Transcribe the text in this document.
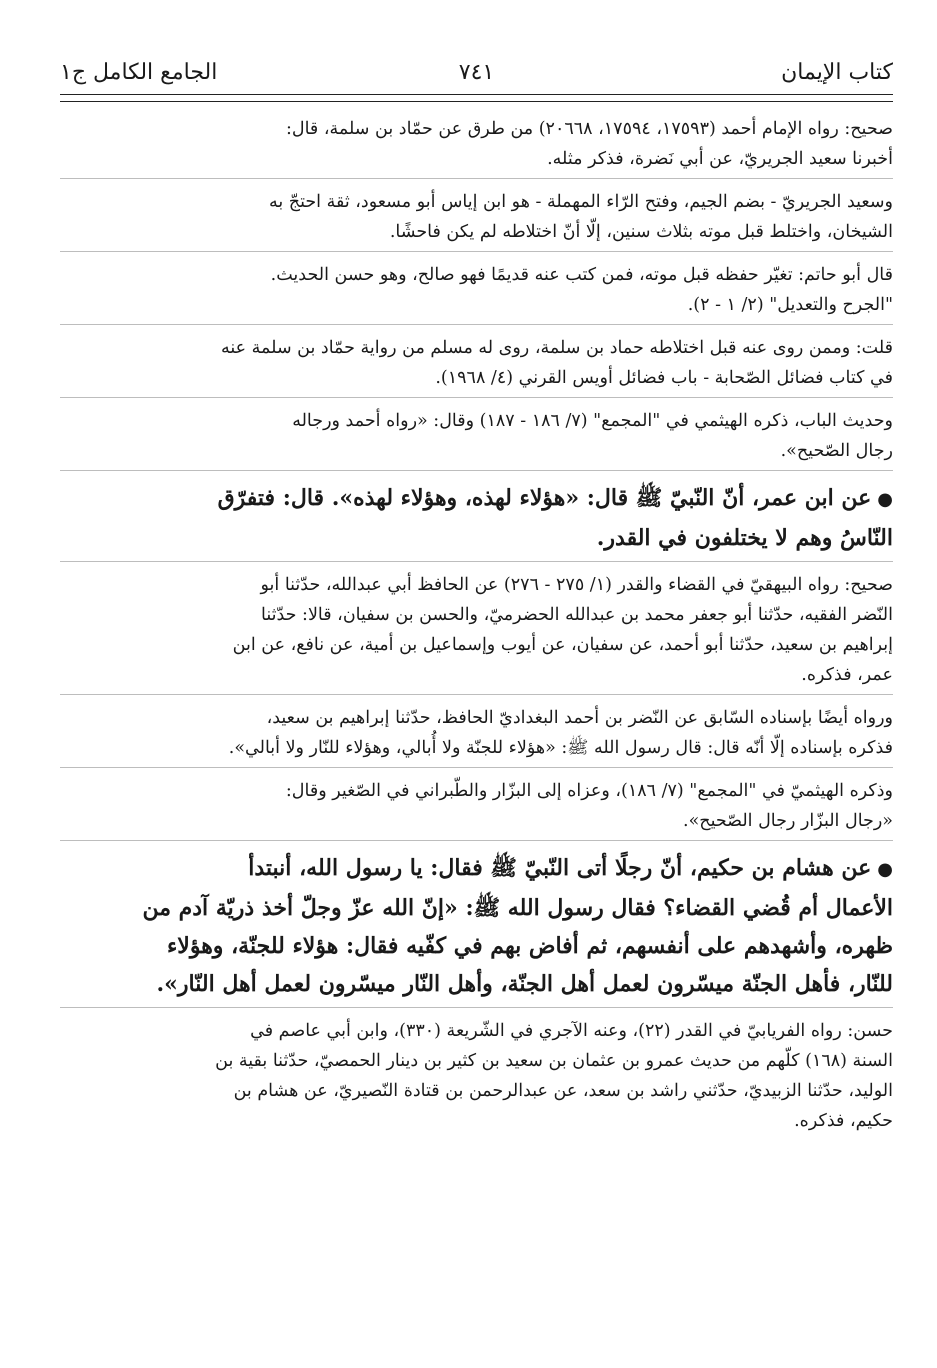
كتاب الإيمان
٧٤١
الجامع الكامل ج١

صحيح: رواه الإمام أحمد (١٧٥٩٣، ١٧٥٩٤، ٢٠٦٦٨) من طرق عن حمّاد بن سلمة، قال:

أخبرنا سعيد الجريريّ، عن أبي نَضرة، فذكر مثله.

وسعيد الجريريّ - بضم الجيم، وفتح الرّاء المهملة - هو ابن إياس أبو مسعود، ثقة احتجّ به

الشيخان، واختلط قبل موته بثلاث سنين، إلّا أنّ اختلاطه لم يكن فاحشًا.

قال أبو حاتم: تغيّر حفظه قبل موته، فمن كتب عنه قديمًا فهو صالح، وهو حسن الحديث.

"الجرح والتعديل" (٢/ ١ - ٢).

قلت: وممن روى عنه قبل اختلاطه حماد بن سلمة، روى له مسلم من رواية حمّاد بن سلمة عنه

في كتاب فضائل الصّحابة - باب فضائل أويس القرني (٤/ ١٩٦٨).

وحديث الباب، ذكره الهيثمي في "المجمع" (٧/ ١٨٦ - ١٨٧) وقال: «رواه أحمد ورجاله

رجال الصّحيح».

●عن ابن عمر، أنّ النّبيّ ﷺ قال: «هؤلاء لهذه، وهؤلاء لهذه». قال: فتفرّق

النّاسُ وهم لا يختلفون في القدر.

صحيح: رواه البيهقيّ في القضاء والقدر (١/ ٢٧٥ - ٢٧٦) عن الحافظ أبي عبدالله، حدّثنا أبو

النّضر الفقيه، حدّثنا أبو جعفر محمد بن عبدالله الحضرميّ، والحسن بن سفيان، قالا: حدّثنا

إبراهيم بن سعيد، حدّثنا أبو أحمد، عن سفيان، عن أيوب وإسماعيل بن أمية، عن نافع، عن ابن

عمر، فذكره.

ورواه أيضًا بإسناده السّابق عن النّضر بن أحمد البغداديّ الحافظ، حدّثنا إبراهيم بن سعيد،

فذكره بإسناده إلّا أنّه قال: قال رسول الله ﷺ: «هؤلاء للجنّة ولا أُبالي، وهؤلاء للنّار ولا أبالي».

وذكره الهيثميّ في "المجمع" (٧/ ١٨٦)، وعزاه إلى البزّار والطّبراني في الصّغير وقال:

«رجال البزّار رجال الصّحيح».

●عن هشام بن حكيم، أنّ رجلًا أتى النّبيّ ﷺ فقال: يا رسول الله، أنبتدأ

الأعمال أم قُضي القضاء؟ فقال رسول الله ﷺ: «إنّ الله عزّ وجلّ أخذ ذريّة آدم من

ظهره، وأشهدهم على أنفسهم، ثم أفاض بهم في كفّيه فقال: هؤلاء للجنّة، وهؤلاء

للنّار، فأهل الجنّة ميسّرون لعمل أهل الجنّة، وأهل النّار ميسّرون لعمل أهل النّار».

حسن: رواه الفريابيّ في القدر (٢٢)، وعنه الآجري في الشّريعة (٣٣٠)، وابن أبي عاصم في

السنة (١٦٨) كلّهم من حديث عمرو بن عثمان بن سعيد بن كثير بن دينار الحمصيّ، حدّثنا بقية بن

الوليد، حدّثنا الزبيديّ، حدّثني راشد بن سعد، عن عبدالرحمن بن قتادة النّصيريّ، عن هشام بن

حكيم، فذكره.
